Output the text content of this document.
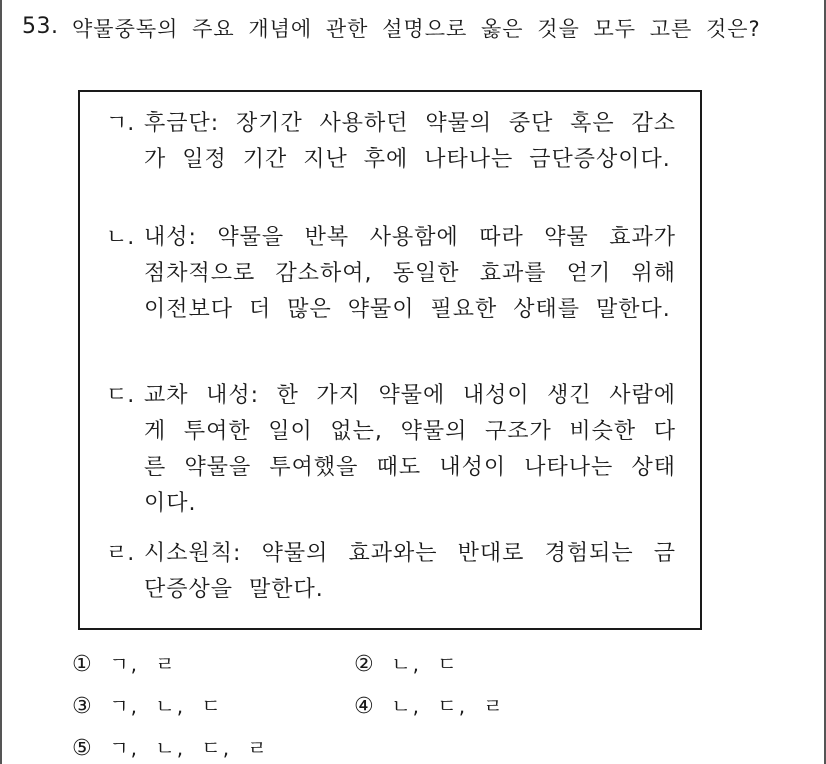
53. 약물중독의 주요 개념에 관한 설명으로 옳은 것을 모두 고른 것은?
ㄱ. 후금단: 장기간 사용하던 약물의 중단 혹은 감소가 일정 기간 지난 후에 나타나는 금단증상이다.
ㄴ. 내성: 약물을 반복 사용함에 따라 약물 효과가 점차적으로 감소하여, 동일한 효과를 얻기 위해 이전보다 더 많은 약물이 필요한 상태를 말한다.
ㄷ. 교차 내성: 한 가지 약물에 내성이 생긴 사람에게 투여한 일이 없는, 약물의 구조가 비슷한 다른 약물을 투여했을 때도 내성이 나타나는 상태이다.
ㄹ. 시소원칙: 약물의 효과와는 반대로 경험되는 금단증상을 말한다.
① ㄱ, ㄹ	② ㄴ, ㄷ
③ ㄱ, ㄴ, ㄷ	④ ㄴ, ㄷ, ㄹ
⑤ ㄱ, ㄴ, ㄷ, ㄹ
